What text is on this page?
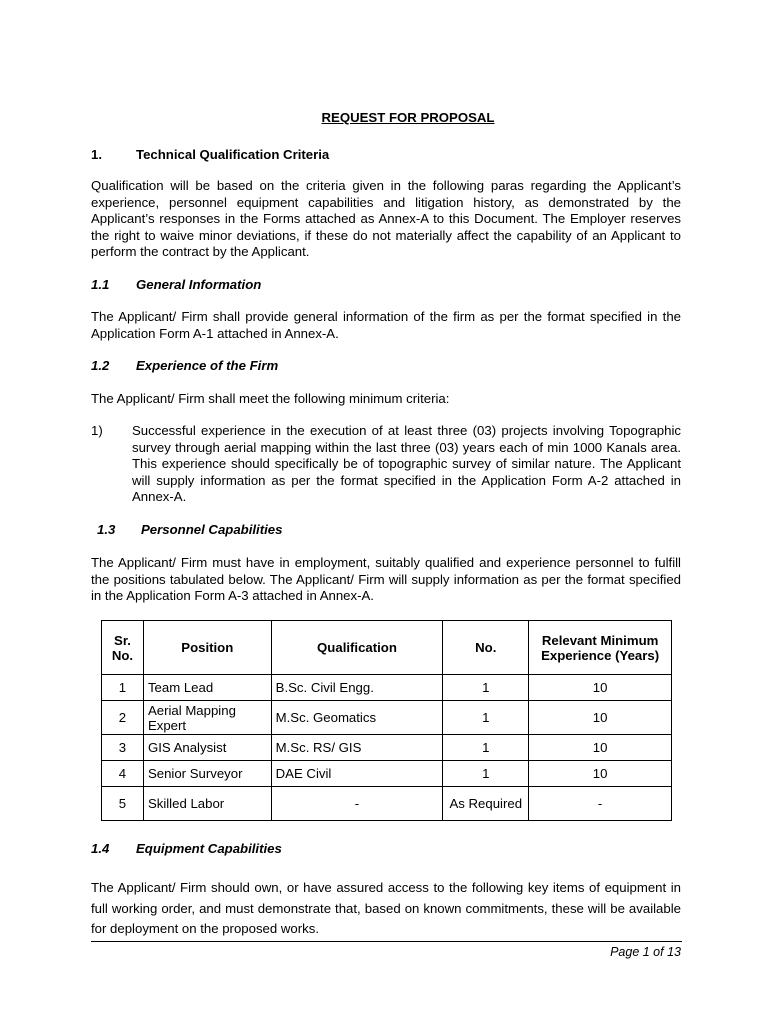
REQUEST FOR PROPOSAL
1.	Technical Qualification Criteria
Qualification will be based on the criteria given in the following paras regarding the Applicant’s experience, personnel equipment capabilities and litigation history, as demonstrated by the Applicant’s responses in the Forms attached as Annex-A to this Document. The Employer reserves the right to waive minor deviations, if these do not materially affect the capability of an Applicant to perform the contract by the Applicant.
1.1 General Information
The Applicant/ Firm shall provide general information of the firm as per the format specified in the Application Form A-1 attached in Annex-A.
1.2 Experience of the Firm
The Applicant/ Firm shall meet the following minimum criteria:
1) Successful experience in the execution of at least three (03) projects involving Topographic survey through aerial mapping within the last three (03) years each of min 1000 Kanals area. This experience should specifically be of topographic survey of similar nature. The Applicant will supply information as per the format specified in the Application Form A-2 attached in Annex-A.
1.3 Personnel Capabilities
The Applicant/ Firm must have in employment, suitably qualified and experience personnel to fulfill the positions tabulated below. The Applicant/ Firm will supply information as per the format specified in the Application Form A-3 attached in Annex-A.
Sr. No.	Position	Qualification	No.	Relevant Minimum Experience (Years)
1	Team Lead	B.Sc. Civil Engg.	1	10
2	Aerial Mapping Expert	M.Sc. Geomatics	1	10
3	GIS Analysist	M.Sc. RS/ GIS	1	10
4	Senior Surveyor	DAE Civil	1	10
5	Skilled Labor	-	As Required	-
1.4 Equipment Capabilities
The Applicant/ Firm should own, or have assured access to the following key items of equipment in full working order, and must demonstrate that, based on known commitments, these will be available for deployment on the proposed works.
Page 1 of 13
